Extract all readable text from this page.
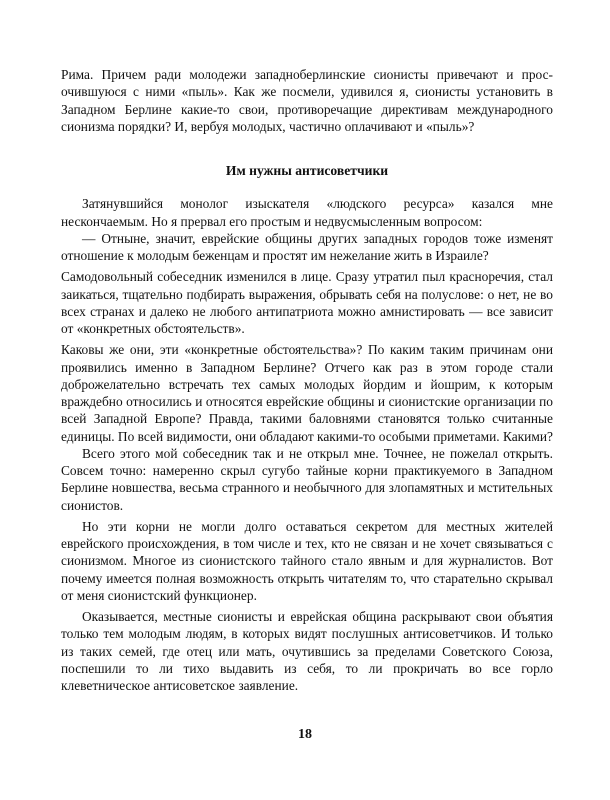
Рима. Причем ради молодежи западноберлинские сионисты привечают и просочившуюся с ними «пыль». Как же посмели, удивился я, сионисты установить в Западном Берлине какие-то свои, противоречащие директивам международного сионизма порядки? И, вербуя молодых, частично оплачивают и «пыль»?

Им нужны антисоветчики

Затянувшийся монолог изыскателя «людского ресурса» казался мне нескончаемым. Но я прервал его простым и недвусмысленным вопросом:

— Отныне, значит, еврейские общины других западных городов тоже изменят отношение к молодым беженцам и простят им нежелание жить в Израиле?

Самодовольный собеседник изменился в лице. Сразу утратил пыл красноречия, стал заикаться, тщательно подбирать выражения, обрывать себя на полуслове: о нет, не во всех странах и далеко не любого антипатриота можно амнистировать — все зависит от «конкретных обстоятельств».

Каковы же они, эти «конкретные обстоятельства»? По каким таким причинам они проявились именно в Западном Берлине? Отчего как раз в этом городе стали доброжелательно встречать тех самых молодых йордим и йошрим, к которым враждебно относились и относятся еврейские общины и сионистские организации по всей Западной Европе? Правда, такими баловнями становятся только считанные единицы. По всей видимости, они обладают какими-то особыми приметами. Какими?

Всего этого мой собеседник так и не открыл мне. Точнее, не пожелал открыть. Совсем точно: намеренно скрыл сугубо тайные корни практикуемого в Западном Берлине новшества, весьма странного и необычного для злопамятных и мстительных сионистов.

Но эти корни не могли долго оставаться секретом для местных жителей еврейского происхождения, в том числе и тех, кто не связан и не хочет связываться с сионизмом. Многое из сионистского тайного стало явным и для журналистов. Вот почему имеется полная возможность открыть читателям то, что старательно скрывал от меня сионистский функционер.

Оказывается, местные сионисты и еврейская община раскрывают свои объятия только тем молодым людям, в которых видят послушных антисоветчиков. И только из таких семей, где отец или мать, очутившись за пределами Советского Союза, поспешили то ли тихо выдавить из себя, то ли прокричать во все горло клеветническое антисоветское заявление.

18
